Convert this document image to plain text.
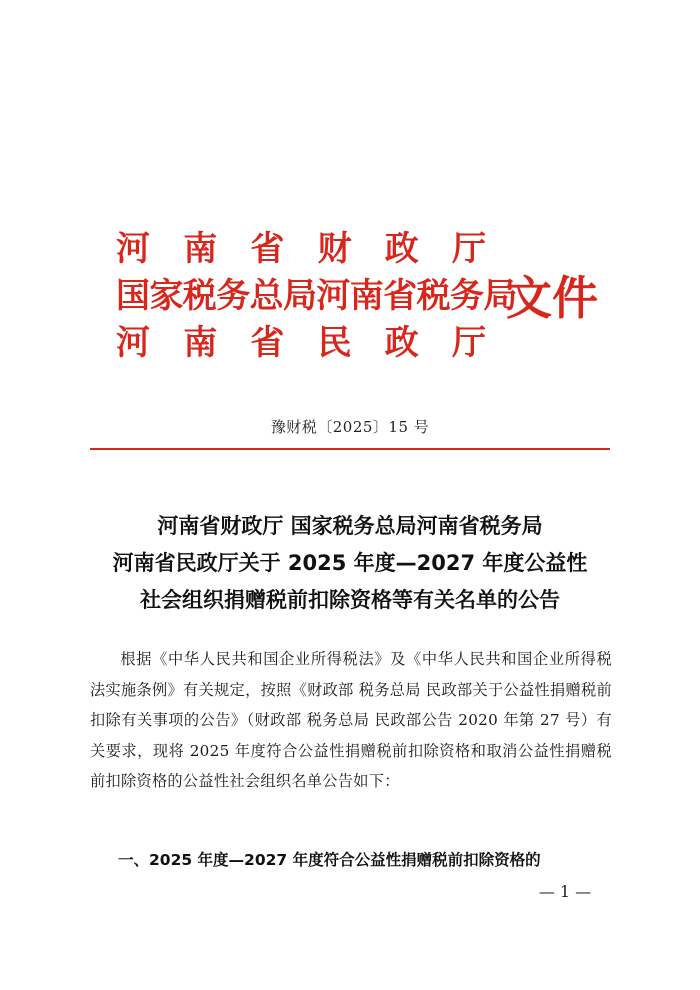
河 南 省 财 政 厅
国家税务总局河南省税务局
河 南 省 民 政 厅
文件
豫财税〔2025〕15 号
河南省财政厅 国家税务总局河南省税务局
河南省民政厅关于 2025 年度—2027 年度公益性
社会组织捐赠税前扣除资格等有关名单的公告
根据《中华人民共和国企业所得税法》及《中华人民共和国企业所得税法实施条例》有关规定，按照《财政部 税务总局 民政部关于公益性捐赠税前扣除有关事项的公告》（财政部 税务总局 民政部公告 2020 年第 27 号）有关要求，现将 2025 年度符合公益性捐赠税前扣除资格和取消公益性捐赠税前扣除资格的公益性社会组织名单公告如下：
一、2025 年度—2027 年度符合公益性捐赠税前扣除资格的
— 1 —
